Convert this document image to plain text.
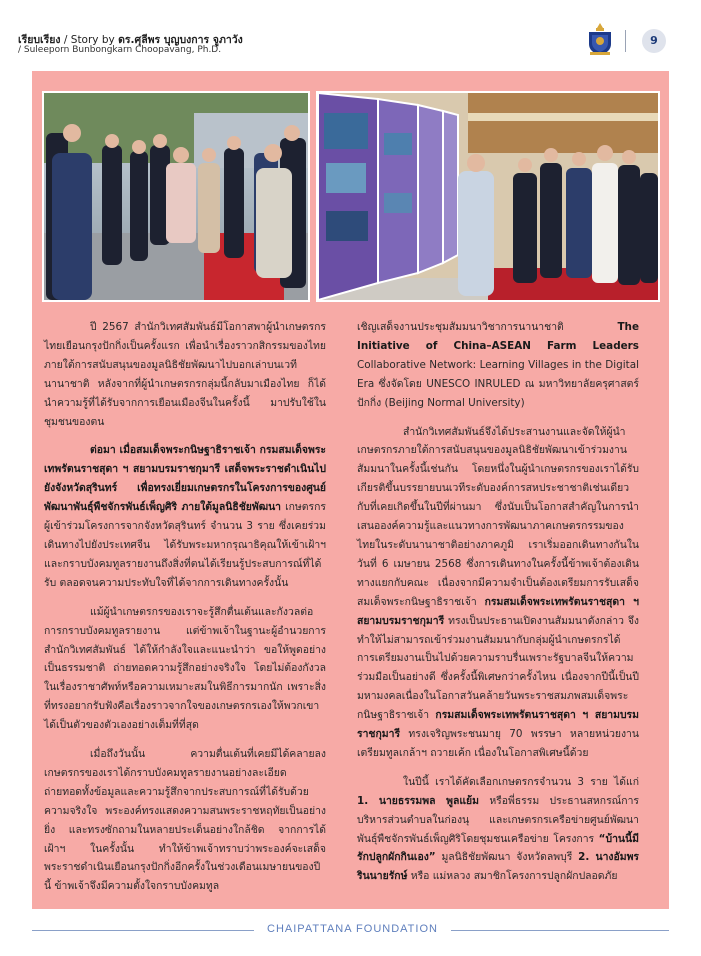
เรียบเรียง / Story by ดร.ศุลีพร บุญบงการ จูภาวัง
/ Suleeporn Bunbongkarn Choopavang, Ph.D.
9

ปี 2567 สำนักวิเทศสัมพันธ์มีโอกาสพาผู้นำเกษตรกรไทยเยือนกรุงปักกิ่งเป็นครั้งแรก เพื่อนำเรื่องราวกสิกรรมของไทยภายใต้การสนับสนุนของมูลนิธิชัยพัฒนาไปบอกเล่าบนเวทีนานาชาติ หลังจากที่ผู้นำเกษตรกรกลุ่มนี้กลับมาเมืองไทย ก็ได้นำความรู้ที่ได้รับจากการเยือนเมืองจีนในครั้งนี้ มาปรับใช้ในชุมชนของตน

ต่อมา เมื่อสมเด็จพระกนิษฐาธิราชเจ้า กรมสมเด็จพระเทพรัตนราชสุดา ฯ สยามบรมราชกุมารี เสด็จพระราชดำเนินไปยังจังหวัดสุรินทร์ เพื่อทรงเยี่ยมเกษตรกรในโครงการของศูนย์พัฒนาพันธุ์พืชจักรพันธ์เพ็ญศิริ ภายใต้มูลนิธิชัยพัฒนา เกษตรกรผู้เข้าร่วมโครงการจากจังหวัดสุรินทร์ จำนวน 3 ราย ซึ่งเคยร่วมเดินทางไปยังประเทศจีน ได้รับพระมหากรุณาธิคุณให้เข้าเฝ้าฯ และกราบบังคมทูลรายงานถึงสิ่งที่ตนได้เรียนรู้ประสบการณ์ที่ได้รับ ตลอดจนความประทับใจที่ได้จากการเดินทางครั้งนั้น

แม้ผู้นำเกษตรกรของเราจะรู้สึกตื่นเต้นและกังวลต่อการกราบบังคมทูลรายงาน แต่ข้าพเจ้าในฐานะผู้อำนวยการสำนักวิเทศสัมพันธ์ ได้ให้กำลังใจและแนะนำว่า ขอให้พูดอย่างเป็นธรรมชาติ ถ่ายทอดความรู้สึกอย่างจริงใจ โดยไม่ต้องกังวลในเรื่องราชาศัพท์หรือความเหมาะสมในพิธีการมากนัก เพราะสิ่งที่ทรงอยากรับฟังคือเรื่องราวจากใจของเกษตรกรเองให้พวกเขาได้เป็นตัวของตัวเองอย่างเต็มที่ที่สุด

เมื่อถึงวันนั้น ความตื่นเต้นที่เคยมีได้คลายลง เกษตรกรของเราได้กราบบังคมทูลรายงานอย่างละเอียด ถ่ายทอดทั้งข้อมูลและความรู้สึกจากประสบการณ์ที่ได้รับด้วยความจริงใจ พระองค์ทรงแสดงความสนพระราชหฤทัยเป็นอย่างยิ่ง และทรงซักถามในหลายประเด็นอย่างใกล้ชิด จากการได้เฝ้าฯ ในครั้งนั้น ทำให้ข้าพเจ้าทราบว่าพระองค์จะเสด็จพระราชดำเนินเยือนกรุงปักกิ่งอีกครั้งในช่วงเดือนเมษายนของปีนี้ ข้าพเจ้าจึงมีความตั้งใจกราบบังคมทูล

เชิญเสด็จงานประชุมสัมมนาวิชาการนานาชาติ The Initiative of China–ASEAN Farm Leaders Collaborative Network: Learning Villages in the Digital Era ซึ่งจัดโดย UNESCO INRULED ณ มหาวิทยาลัยครุศาสตร์ปักกิ่ง (Beijing Normal University)

สำนักวิเทศสัมพันธ์จึงได้ประสานงานและจัดให้ผู้นำเกษตรกรภายใต้การสนับสนุนของมูลนิธิชัยพัฒนาเข้าร่วมงานสัมมนาในครั้งนี้เช่นกัน โดยหนึ่งในผู้นำเกษตรกรของเราได้รับเกียรติขึ้นบรรยายบนเวทีระดับองค์การสหประชาชาติเช่นเดียวกับที่เคยเกิดขึ้นในปีที่ผ่านมา ซึ่งนับเป็นโอกาสสำคัญในการนำเสนอองค์ความรู้และแนวทางการพัฒนาภาคเกษตรกรรมของไทยในระดับนานาชาติอย่างภาคภูมิ เราเริ่มออกเดินทางกันในวันที่ 6 เมษายน 2568 ซึ่งการเดินทางในครั้งนี้ข้าพเจ้าต้องเดินทางแยกกับคณะ เนื่องจากมีความจำเป็นต้องเตรียมการรับเสด็จสมเด็จพระกนิษฐาธิราชเจ้า กรมสมเด็จพระเทพรัตนราชสุดา ฯ สยามบรมราชกุมารี ทรงเป็นประธานเปิดงานสัมมนาดังกล่าว จึงทำให้ไม่สามารถเข้าร่วมงานสัมมนากับกลุ่มผู้นำเกษตรกรได้ การเตรียมงานเป็นไปด้วยความราบรื่นเพราะรัฐบาลจีนให้ความร่วมมือเป็นอย่างดี ซึ่งครั้งนี้พิเศษกว่าครั้งไหน เนื่องจากปีนี้เป็นปีมหามงคลเนื่องในโอกาสวันคล้ายวันพระราชสมภพสมเด็จพระกนิษฐาธิราชเจ้า กรมสมเด็จพระเทพรัตนราชสุดา ฯ สยามบรมราชกุมารี ทรงเจริญพระชนมายุ 70 พรรษา หลายหน่วยงานเตรียมทูลเกล้าฯ ถวายเค้ก เนื่องในโอกาสพิเศษนี้ด้วย

ในปีนี้ เราได้คัดเลือกเกษตรกรจำนวน 3 ราย ได้แก่ 1. นายธรรมพล พูลแย้ม หรือพี่ธรรม ประธานสหกรณ์การบริหารส่วนตำบลในก่องนุ และเกษตรกรเครือข่ายศูนย์พัฒนาพันธุ์พืชจักรพันธ์เพ็ญศิริโดยชุมชนเครือข่าย โครงการ “บ้านนี้มีรักปลูกผักกินเอง” มูลนิธิชัยพัฒนา จังหวัดลพบุรี 2. นางอัมพร รินนายรักษ์ หรือ แม่หลวง สมาชิกโครงการปลูกผักปลอดภัย

CHAIPATTANA FOUNDATION
